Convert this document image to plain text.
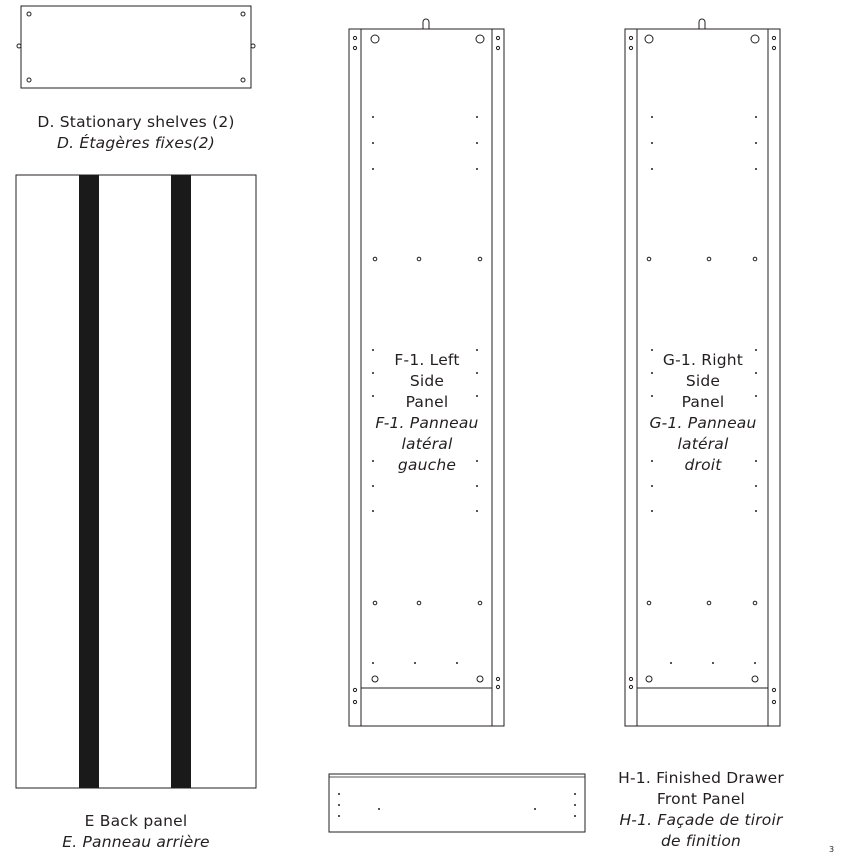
D. Stationary shelves (2)
D. Étagères fixes(2)
E Back panel
E. Panneau arrière
F-1. Left
Side
Panel
F-1. Panneau
latéral
gauche
G-1. Right
Side
Panel
G-1. Panneau
latéral
droit
H-1. Finished Drawer
Front Panel
H-1. Façade de tiroir
de finition	3
